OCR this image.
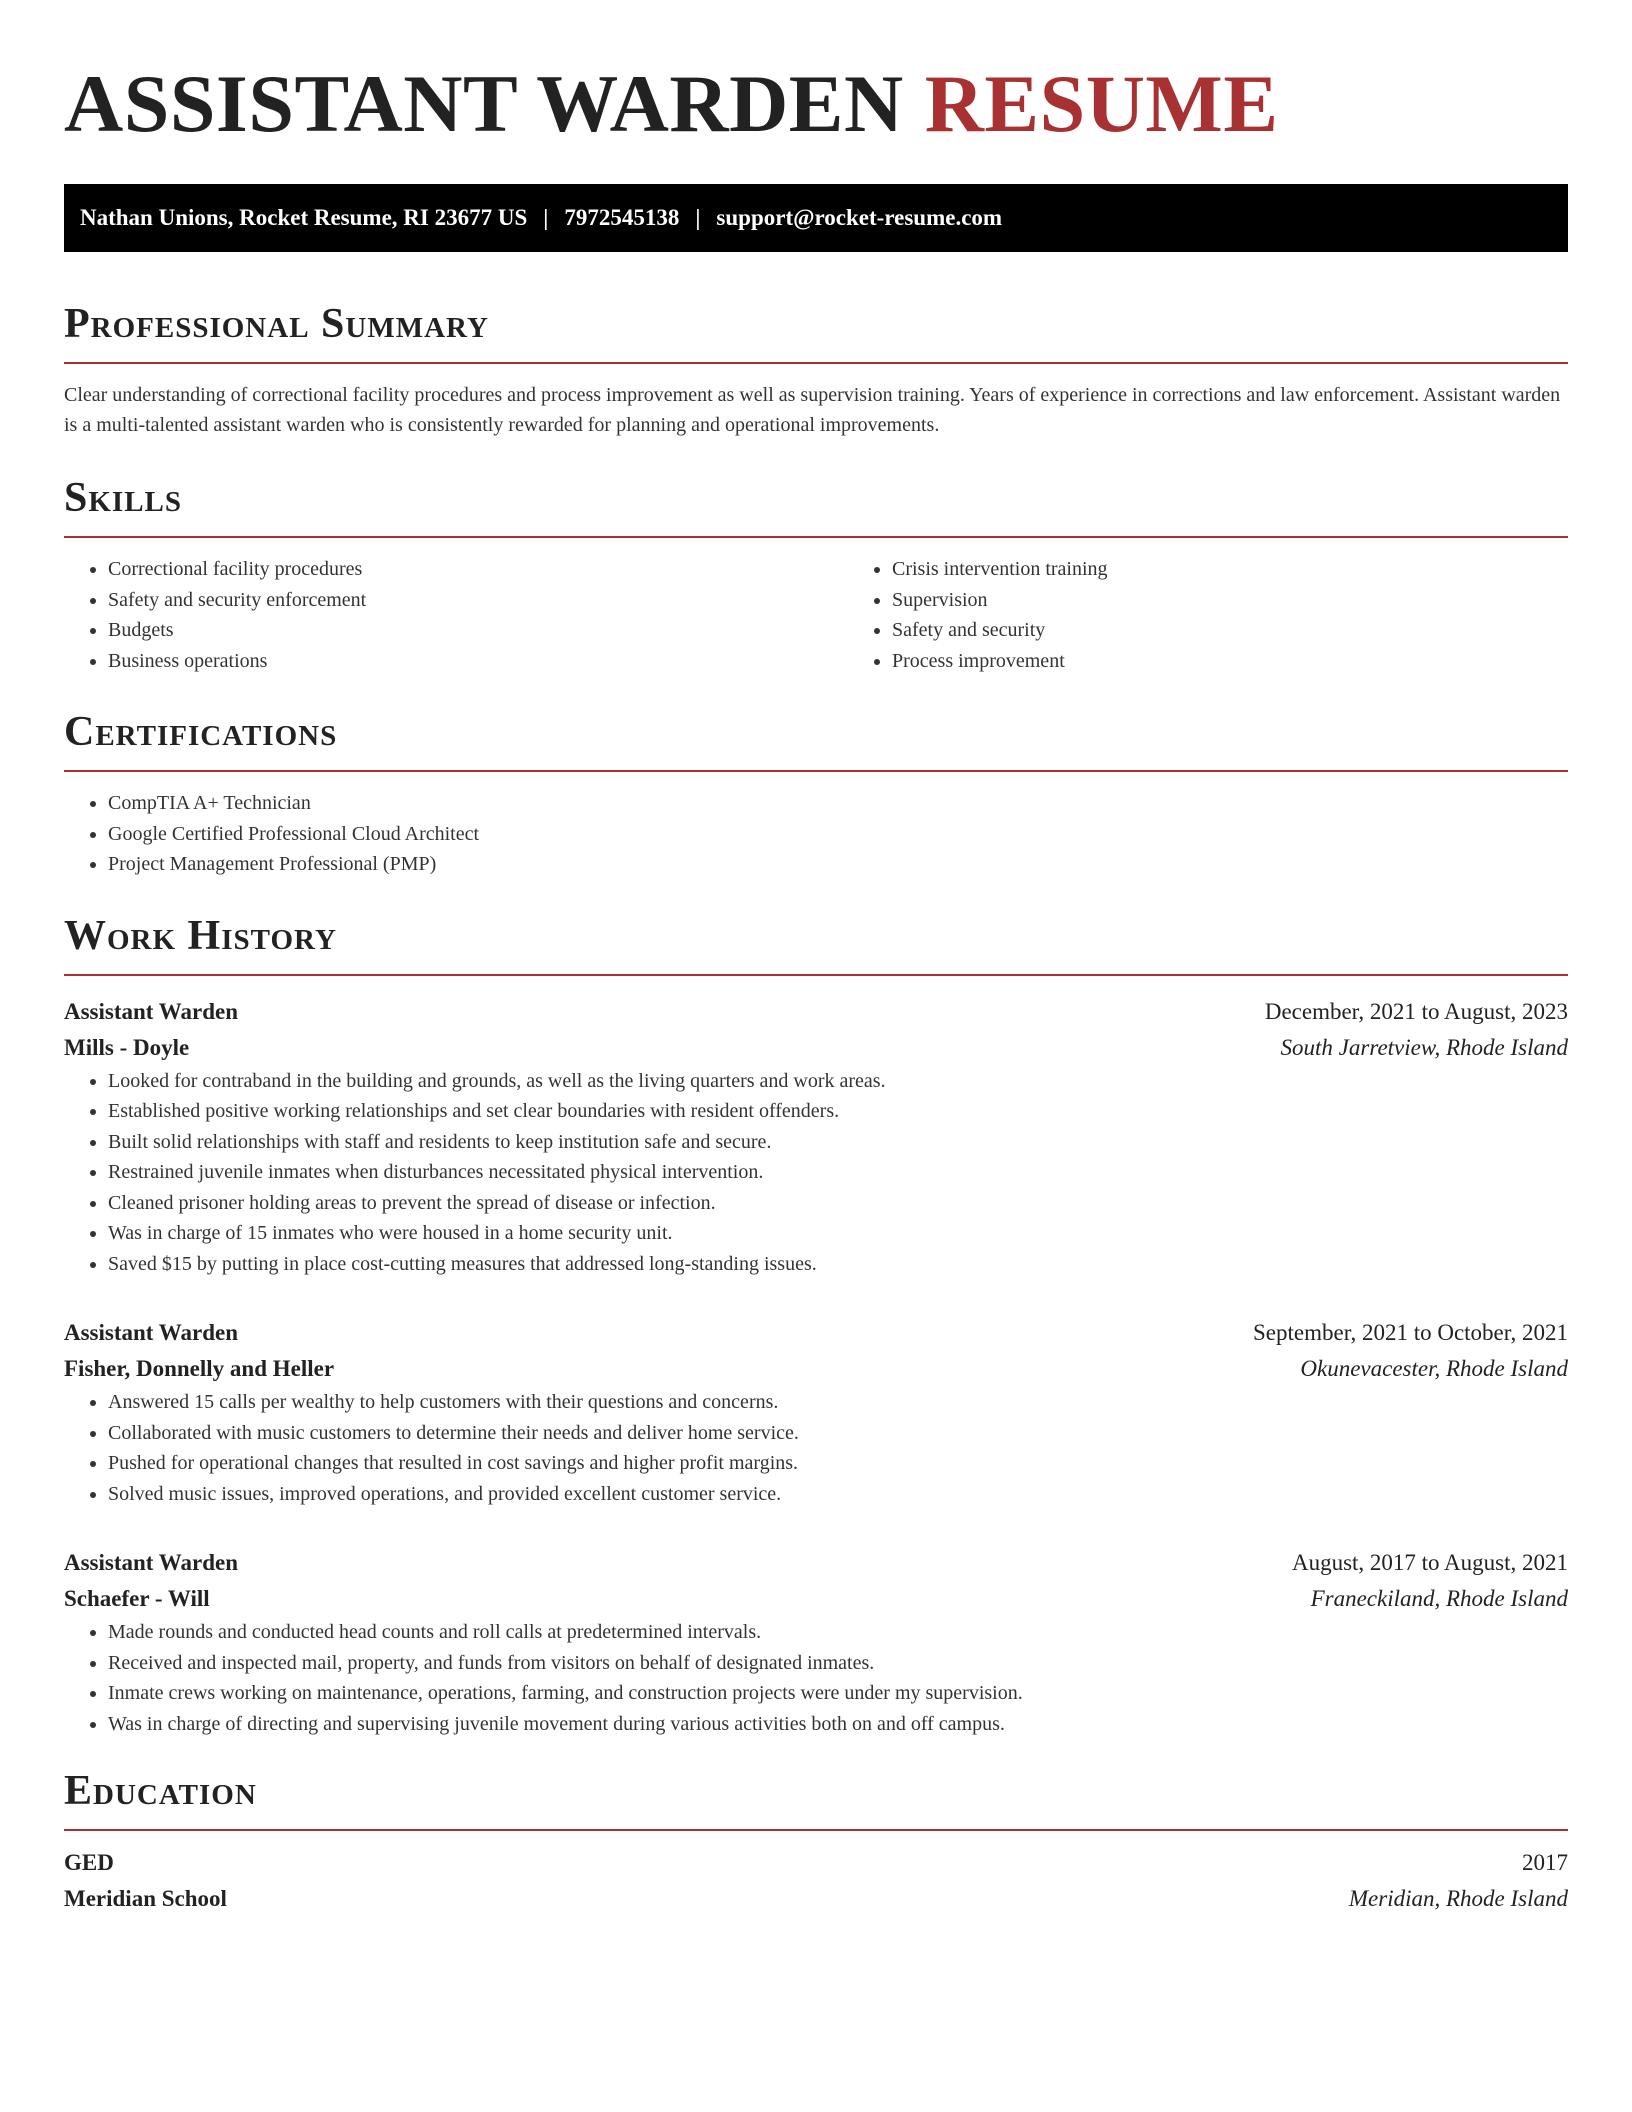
ASSISTANT WARDEN RESUME
Nathan Unions, Rocket Resume, RI 23677 US | 7972545138 | support@rocket-resume.com
Professional Summary

Clear understanding of correctional facility procedures and process improvement as well as supervision training. Years of experience in corrections and law enforcement. Assistant warden is a multi-talented assistant warden who is consistently rewarded for planning and operational improvements.

Skills
• Correctional facility procedures
• Safety and security enforcement
• Budgets
• Business operations
• Crisis intervention training
• Supervision
• Safety and security
• Process improvement
Certifications
• CompTIA A+ Technician
• Google Certified Professional Cloud Architect
• Project Management Professional (PMP)
Work History
Assistant Warden	December, 2021 to August, 2023
Mills - Doyle	South Jarretview, Rhode Island
• Looked for contraband in the building and grounds, as well as the living quarters and work areas.
• Established positive working relationships and set clear boundaries with resident offenders.
• Built solid relationships with staff and residents to keep institution safe and secure.
• Restrained juvenile inmates when disturbances necessitated physical intervention.
• Cleaned prisoner holding areas to prevent the spread of disease or infection.
• Was in charge of 15 inmates who were housed in a home security unit.
• Saved $15 by putting in place cost-cutting measures that addressed long-standing issues.
Assistant Warden	September, 2021 to October, 2021
Fisher, Donnelly and Heller	Okunevacester, Rhode Island
• Answered 15 calls per wealthy to help customers with their questions and concerns.
• Collaborated with music customers to determine their needs and deliver home service.
• Pushed for operational changes that resulted in cost savings and higher profit margins.
• Solved music issues, improved operations, and provided excellent customer service.
Assistant Warden	August, 2017 to August, 2021
Schaefer - Will	Franeckiland, Rhode Island
• Made rounds and conducted head counts and roll calls at predetermined intervals.
• Received and inspected mail, property, and funds from visitors on behalf of designated inmates.
• Inmate crews working on maintenance, operations, farming, and construction projects were under my supervision.
• Was in charge of directing and supervising juvenile movement during various activities both on and off campus.
Education
GED	2017
Meridian School	Meridian, Rhode Island
